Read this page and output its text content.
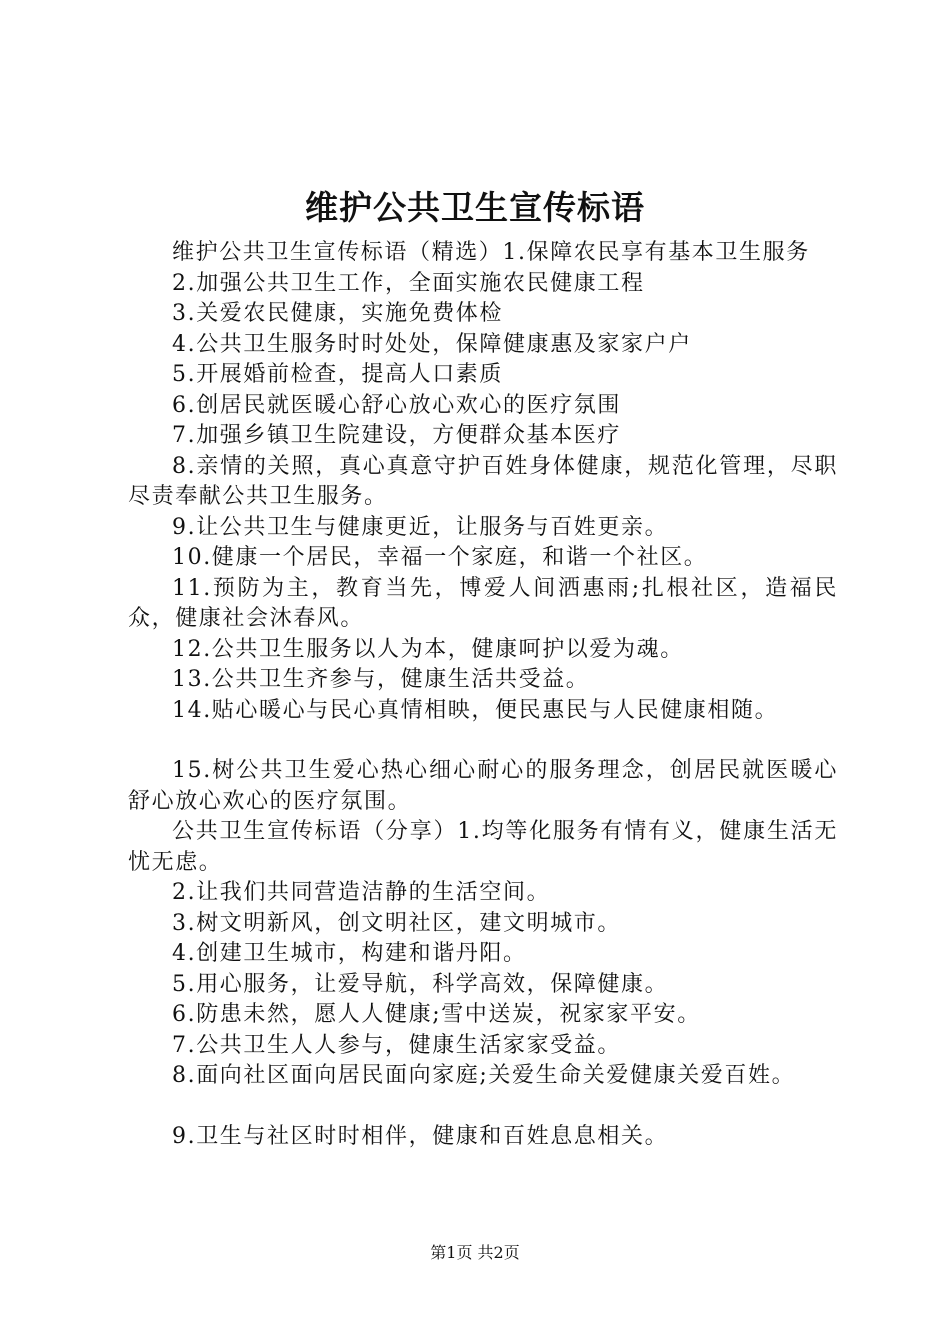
维护公共卫生宣传标语

维护公共卫生宣传标语（精选）1.保障农民享有基本卫生服务

2.加强公共卫生工作，全面实施农民健康工程

3.关爱农民健康，实施免费体检

4.公共卫生服务时时处处，保障健康惠及家家户户

5.开展婚前检查，提高人口素质

6.创居民就医暖心舒心放心欢心的医疗氛围

7.加强乡镇卫生院建设，方便群众基本医疗

8.亲情的关照，真心真意守护百姓身体健康，规范化管理，尽职尽责奉献公共卫生服务。

9.让公共卫生与健康更近，让服务与百姓更亲。

10.健康一个居民，幸福一个家庭，和谐一个社区。

11.预防为主，教育当先，博爱人间洒惠雨;扎根社区，造福民众，健康社会沐春风。

12.公共卫生服务以人为本，健康呵护以爱为魂。

13.公共卫生齐参与，健康生活共受益。

14.贴心暖心与民心真情相映，便民惠民与人民健康相随。

15.树公共卫生爱心热心细心耐心的服务理念，创居民就医暖心舒心放心欢心的医疗氛围。

公共卫生宣传标语（分享）1.均等化服务有情有义，健康生活无忧无虑。

2.让我们共同营造洁静的生活空间。

3.树文明新风，创文明社区，建文明城市。

4.创建卫生城市，构建和谐丹阳。

5.用心服务，让爱导航，科学高效，保障健康。

6.防患未然，愿人人健康;雪中送炭，祝家家平安。

7.公共卫生人人参与，健康生活家家受益。

8.面向社区面向居民面向家庭;关爱生命关爱健康关爱百姓。

9.卫生与社区时时相伴，健康和百姓息息相关。

第1页 共2页
